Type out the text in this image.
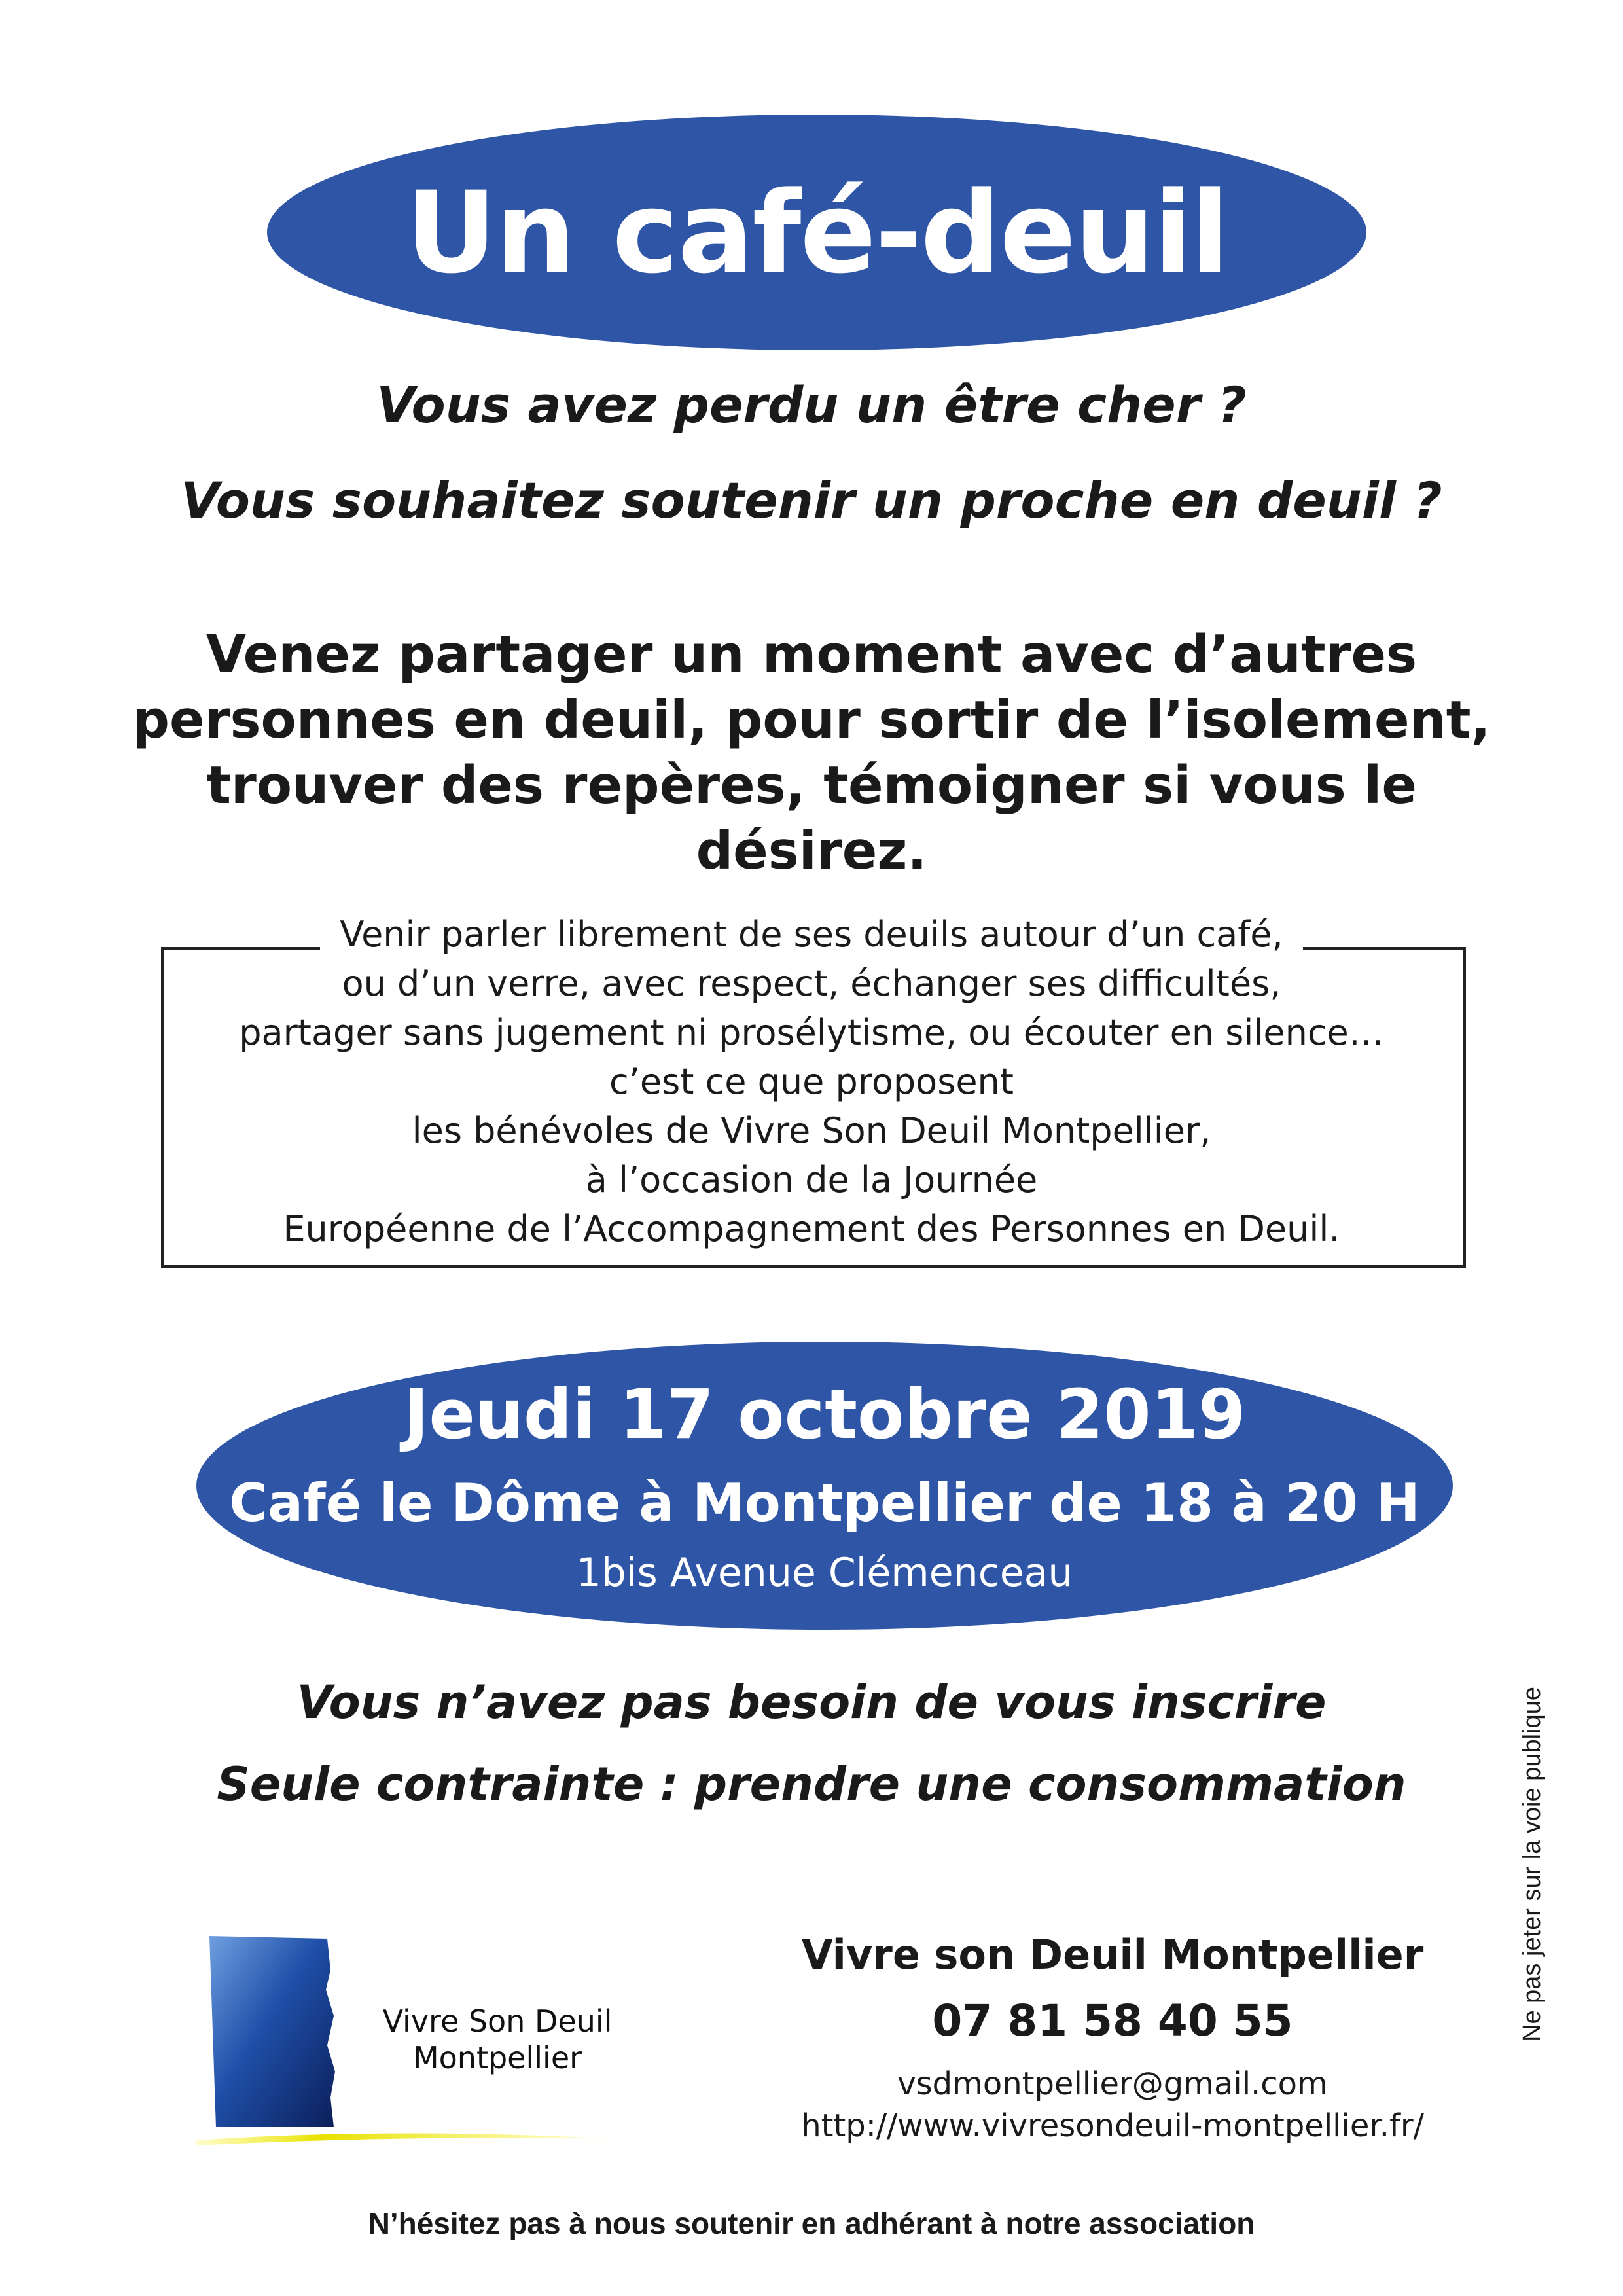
Un café-deuil
Vous avez perdu un être cher ?
Vous souhaitez soutenir un proche en deuil ?
Venez partager un moment avec d’autres
personnes en deuil, pour sortir de l’isolement,
trouver des repères, témoigner si vous le désirez.
Venir parler librement de ses deuils autour d’un café,
ou d’un verre, avec respect, échanger ses difficultés,
partager sans jugement ni prosélytisme, ou écouter en silence…
c’est ce que proposent
les bénévoles de Vivre Son Deuil Montpellier,
à l’occasion de la Journée
Européenne de l’Accompagnement des Personnes en Deuil.
Jeudi 17 octobre 2019
Café le Dôme à Montpellier de 18 à 20 H
1bis Avenue Clémenceau
Vous n’avez pas besoin de vous inscrire
Seule contrainte : prendre une consommation	Ne pas jeter sur la voie publique
Vivre Son Deuil
Montpellier
Vivre son Deuil Montpellier
07 81 58 40 55
vsdmontpellier@gmail.com
http://www.vivresondeuil-montpellier.fr/
N’hésitez pas à nous soutenir en adhérant à notre association
